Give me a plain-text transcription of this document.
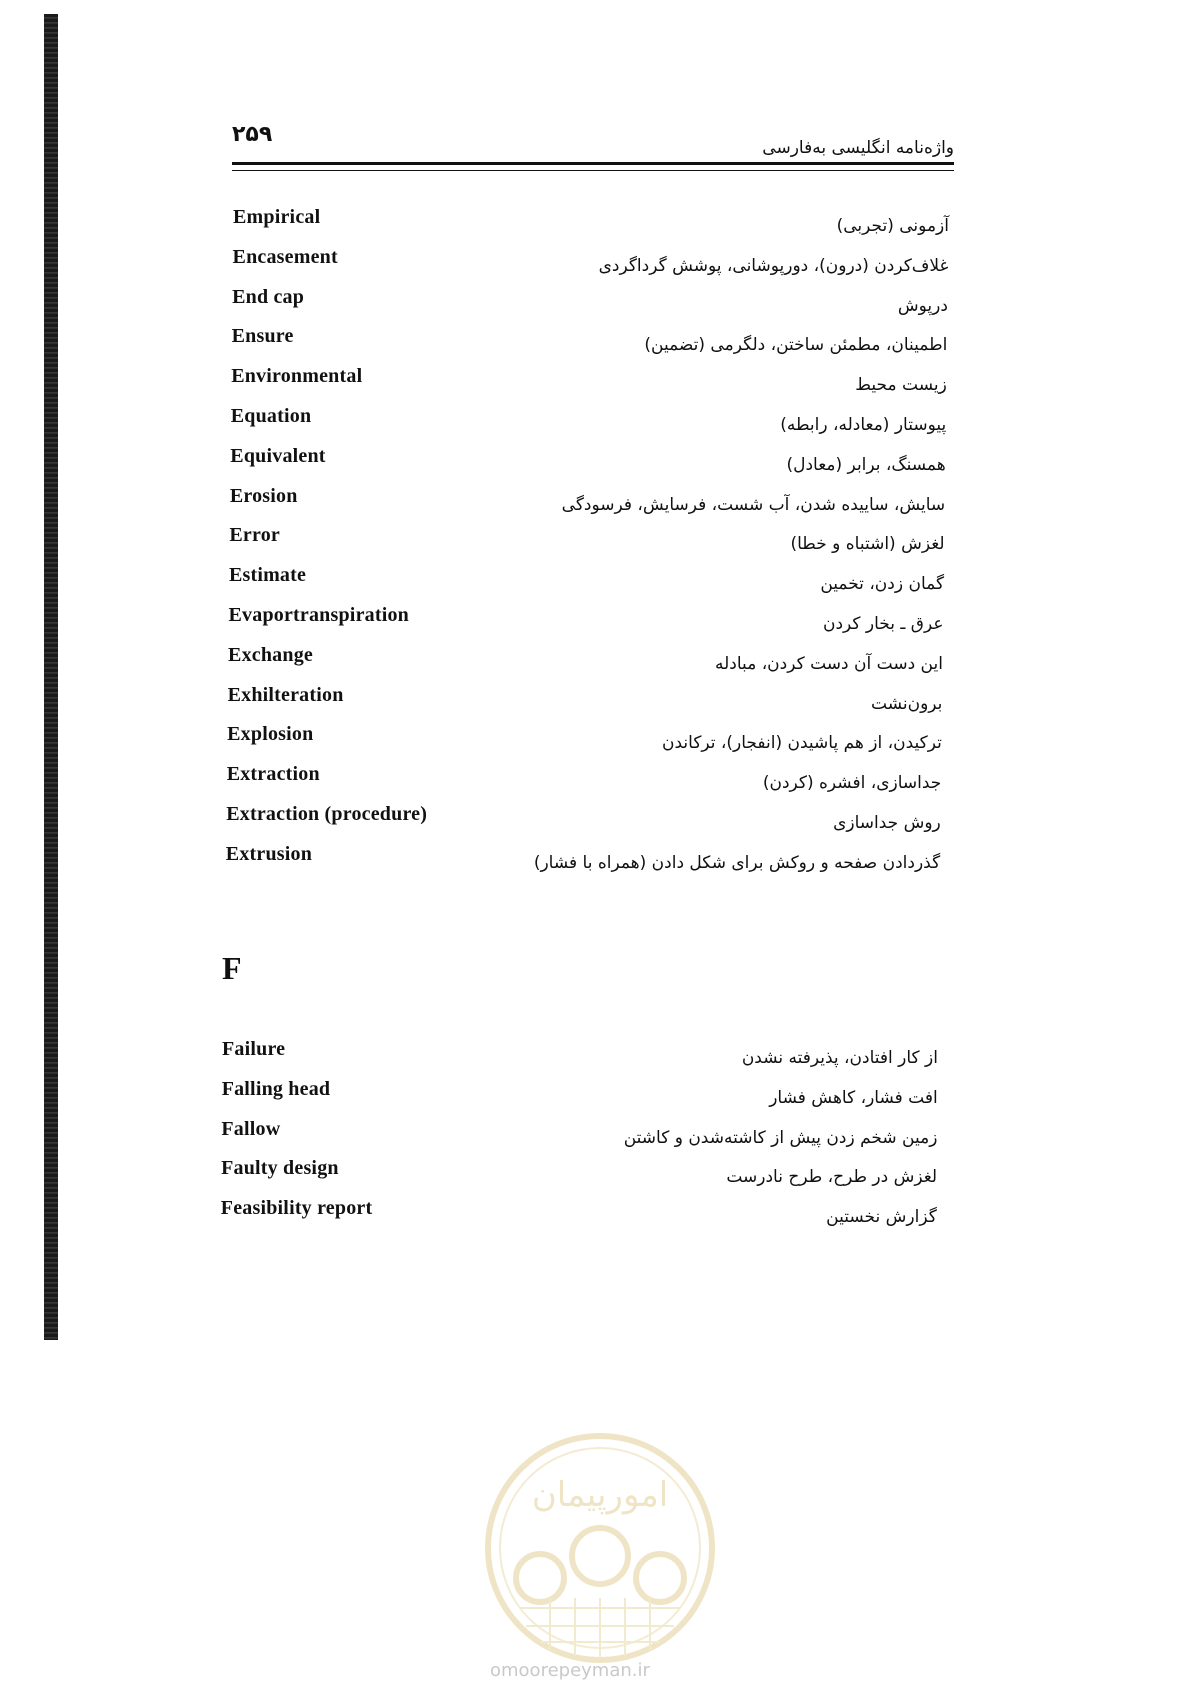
۲۵۹
واژه‌نامه انگلیسی به‌فارسی
Empirical	آزمونی (تجربی)
Encasement	غلاف‌کردن (درون)، دورپوشانی، پوشش گرداگردی
End cap	درپوش
Ensure	اطمینان، مطمئن ساختن، دلگرمی (تضمین)
Environmental	زیست محیط
Equation	پیوستار (معادله، رابطه)
Equivalent	همسنگ، برابر (معادل)
Erosion	سایش، ساییده شدن، آب شست، فرسایش، فرسودگی
Error	لغزش (اشتباه و خطا)
Estimate	گمان زدن، تخمین
Evaportranspiration	عرق ـ بخار کردن
Exchange	این دست آن دست کردن، مبادله
Exhilteration	برون‌نشت
Explosion	ترکیدن، از هم پاشیدن (انفجار)، ترکاندن
Extraction	جداسازی، افشره (کردن)
Extraction (procedure)	روش جداسازی
Extrusion	گذردادن صفحه و روکش برای شکل دادن (همراه با فشار)
F
Failure	از کار افتادن، پذیرفته نشدن
Falling head	افت فشار، کاهش فشار
Fallow	زمین شخم زدن پیش از کاشته‌شدن و کاشتن
Faulty design	لغزش در طرح، طرح نادرست
Feasibility report	گزارش نخستین
امورپیمان
omoorepeyman.ir
